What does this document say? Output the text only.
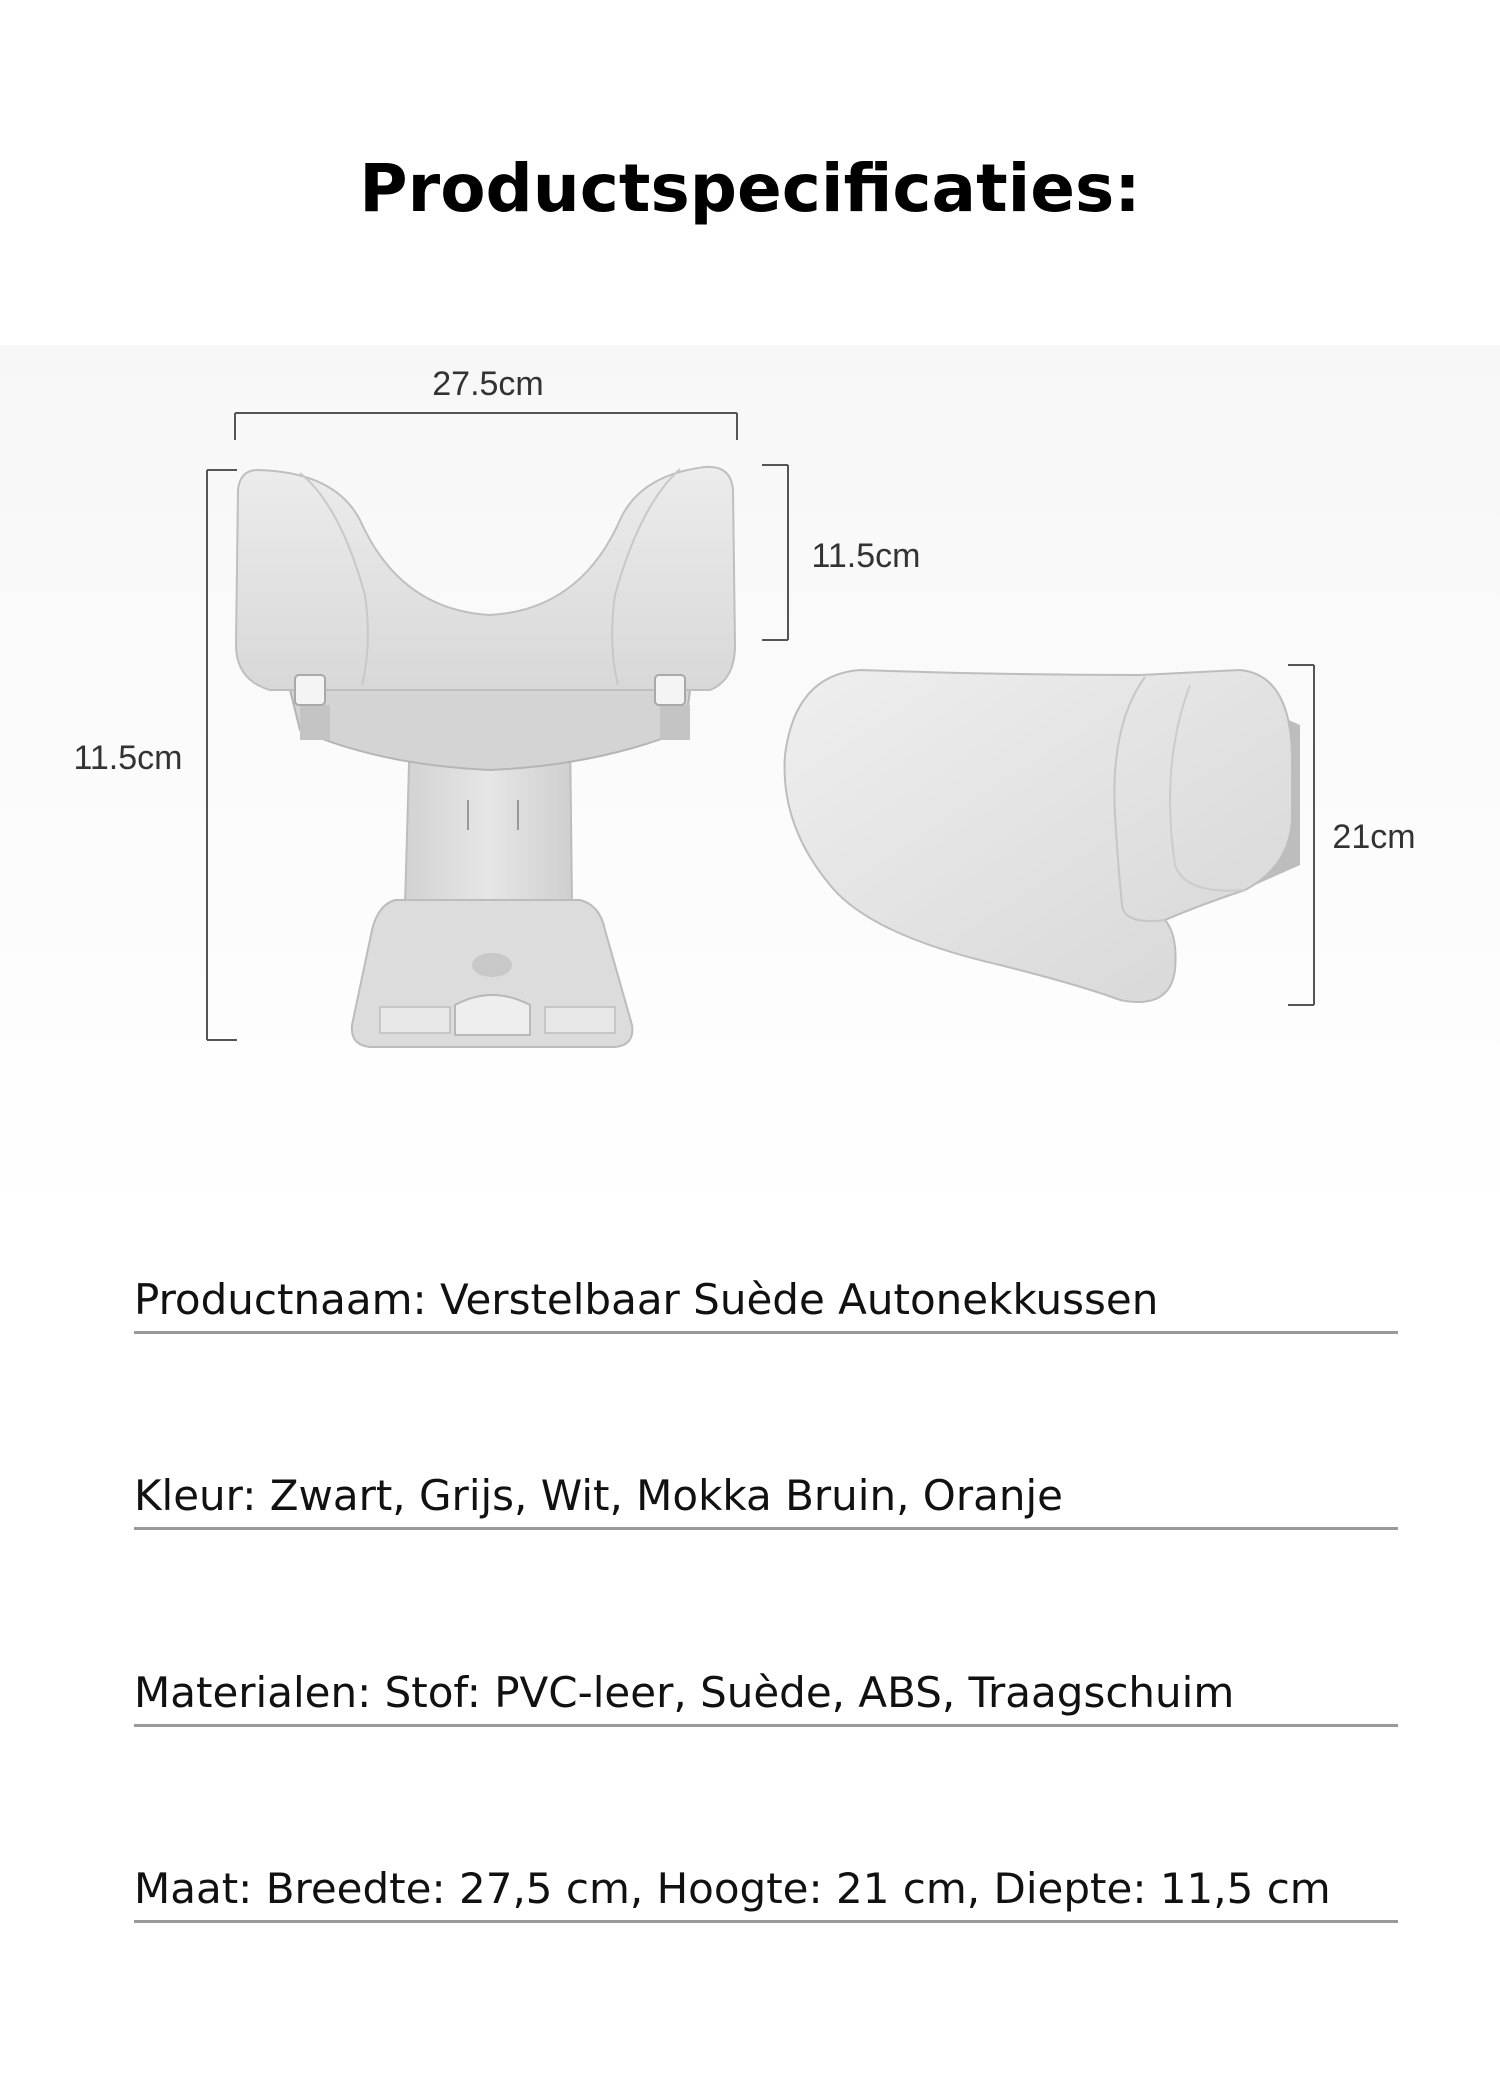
Productspecificaties:
27.5cm
11.5cm
11.5cm
21cm
Productnaam: Verstelbaar Suède Autonekkussen
Kleur: Zwart, Grijs, Wit, Mokka Bruin, Oranje
Materialen: Stof: PVC-leer, Suède, ABS, Traagschuim
Maat: Breedte: 27,5 cm, Hoogte: 21 cm, Diepte: 11,5 cm
